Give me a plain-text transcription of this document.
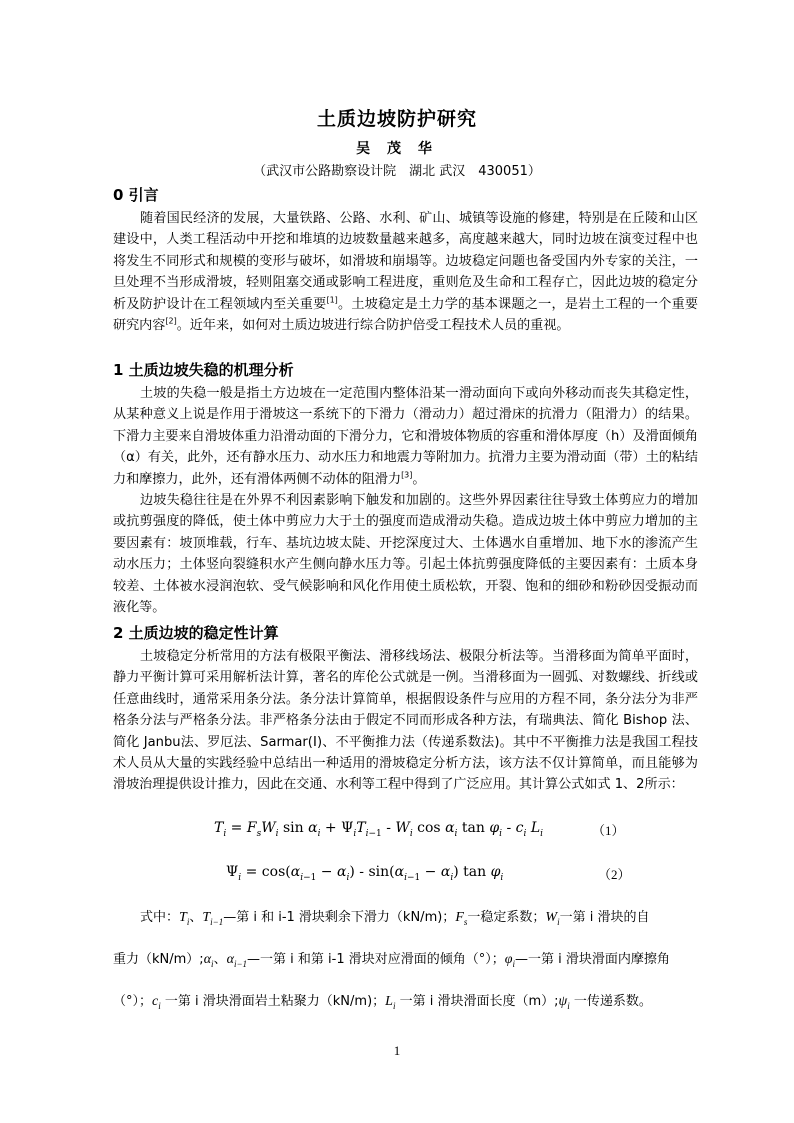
土质边坡防护研究
吴 茂 华
（武汉市公路勘察设计院　湖北 武汉　430051）
0 引言

随着国民经济的发展，大量铁路、公路、水利、矿山、城镇等设施的修建，特别是在丘陵和山区建设中，人类工程活动中开挖和堆填的边坡数量越来越多，高度越来越大，同时边坡在演变过程中也将发生不同形式和规模的变形与破坏，如滑坡和崩塌等。边坡稳定问题也备受国内外专家的关注，一旦处理不当形成滑坡，轻则阻塞交通或影响工程进度，重则危及生命和工程存亡，因此边坡的稳定分析及防护设计在工程领域内至关重要[1]。土坡稳定是土力学的基本课题之一，是岩土工程的一个重要研究内容[2]。近年来，如何对土质边坡进行综合防护倍受工程技术人员的重视。

1 土质边坡失稳的机理分析

土坡的失稳一般是指土方边坡在一定范围内整体沿某一滑动面向下或向外移动而丧失其稳定性，从某种意义上说是作用于滑坡这一系统下的下滑力（滑动力）超过滑床的抗滑力（阻滑力）的结果。下滑力主要来自滑坡体重力沿滑动面的下滑分力，它和滑坡体物质的容重和滑体厚度（h）及滑面倾角（α）有关，此外，还有静水压力、动水压力和地震力等附加力。抗滑力主要为滑动面（带）土的粘结力和摩擦力，此外，还有滑体两侧不动体的阻滑力[3]。

边坡失稳往往是在外界不利因素影响下触发和加剧的。这些外界因素往往导致土体剪应力的增加或抗剪强度的降低，使土体中剪应力大于土的强度而造成滑动失稳。造成边坡土体中剪应力增加的主要因素有：坡顶堆载，行车、基坑边坡太陡、开挖深度过大、土体遇水自重增加、地下水的渗流产生动水压力；土体竖向裂缝积水产生侧向静水压力等。引起土体抗剪强度降低的主要因素有：土质本身较差、土体被水浸润泡软、受气候影响和风化作用使土质松软，开裂、饱和的细砂和粉砂因受振动而液化等。

2 土质边坡的稳定性计算

土坡稳定分析常用的方法有极限平衡法、滑移线场法、极限分析法等。当滑移面为简单平面时，静力平衡计算可采用解析法计算，著名的库伦公式就是一例。当滑移面为一圆弧、对数螺线、折线或任意曲线时，通常采用条分法。条分法计算简单，根据假设条件与应用的方程不同，条分法分为非严格条分法与严格条分法。非严格条分法由于假定不同而形成各种方法，有瑞典法、简化 Bishop 法、简化 Janbu法、罗厄法、Sarmar(Ⅰ)、不平衡推力法（传递系数法)。其中不平衡推力法是我国工程技术人员从大量的实践经验中总结出一种适用的滑坡稳定分析方法，该方法不仅计算简单，而且能够为滑坡治理提供设计推力，因此在交通、水利等工程中得到了广泛应用。其计算公式如式 1、2所示：

$T_i = F_sW_i$ $\sin \alpha_i + \Psi_iT_{i-1} - W_i$ $\cos \alpha_i$ $\tan \varphi_i - c_i$ $L_i$	（1）
$\Psi_i = \cos(\alpha_{i-1} - \alpha_i) - \sin(\alpha_{i-1} - \alpha_i)$ $\tan \varphi_i$	（2）
式中：$T_i$、$T_{i-1}—$第 i 和 i-1 滑块剩余下滑力（kN/m)；$F_s$一稳定系数；$W_i$一第 i 滑块的自
重力$(kN/m);\alpha_i$、$\alpha_{i-1}—$一第 i 和第 i-1 滑块对应滑面的倾角（°）；$\varphi_i—$一第 i 滑块滑面内摩擦角
（°）；$c_i$ 一第 i 滑块滑面岩土粘聚力（kN/m)；$L_i$ 一第 i 滑块滑面长度$(m);\psi_i$ 一传递系数。
1
